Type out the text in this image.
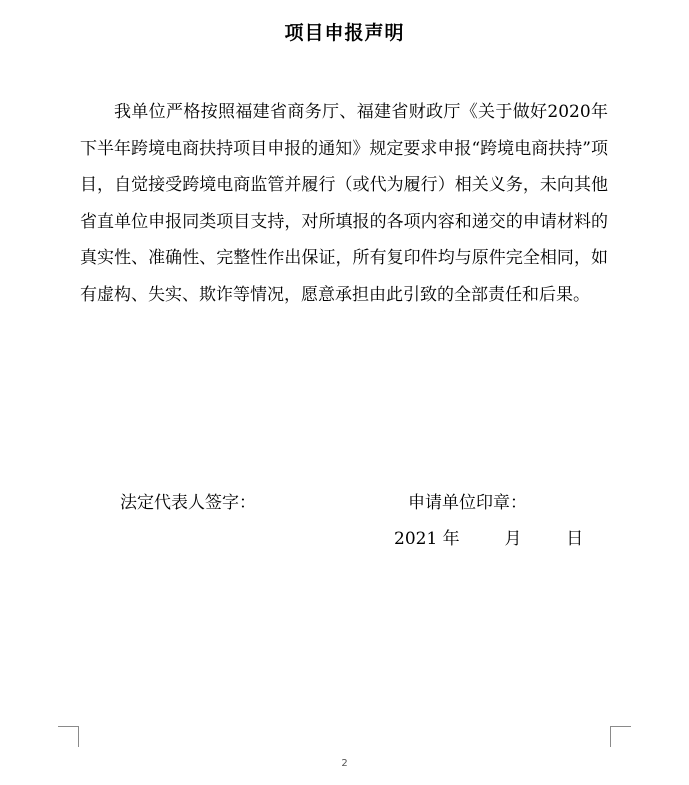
项目申报声明

我单位严格按照福建省商务厅、福建省财政厅《关于做好2020年下半年跨境电商扶持项目申报的通知》规定要求申报“跨境电商扶持”项目，自觉接受跨境电商监管并履行（或代为履行）相关义务，未向其他省直单位申报同类项目支持，对所填报的各项内容和递交的申请材料的真实性、准确性、完整性作出保证，所有复印件均与原件完全相同，如有虚构、失实、欺诈等情况，愿意承担由此引致的全部责任和后果。

法定代表人签字：	申请单位印章：
2021 年	月	日
2
